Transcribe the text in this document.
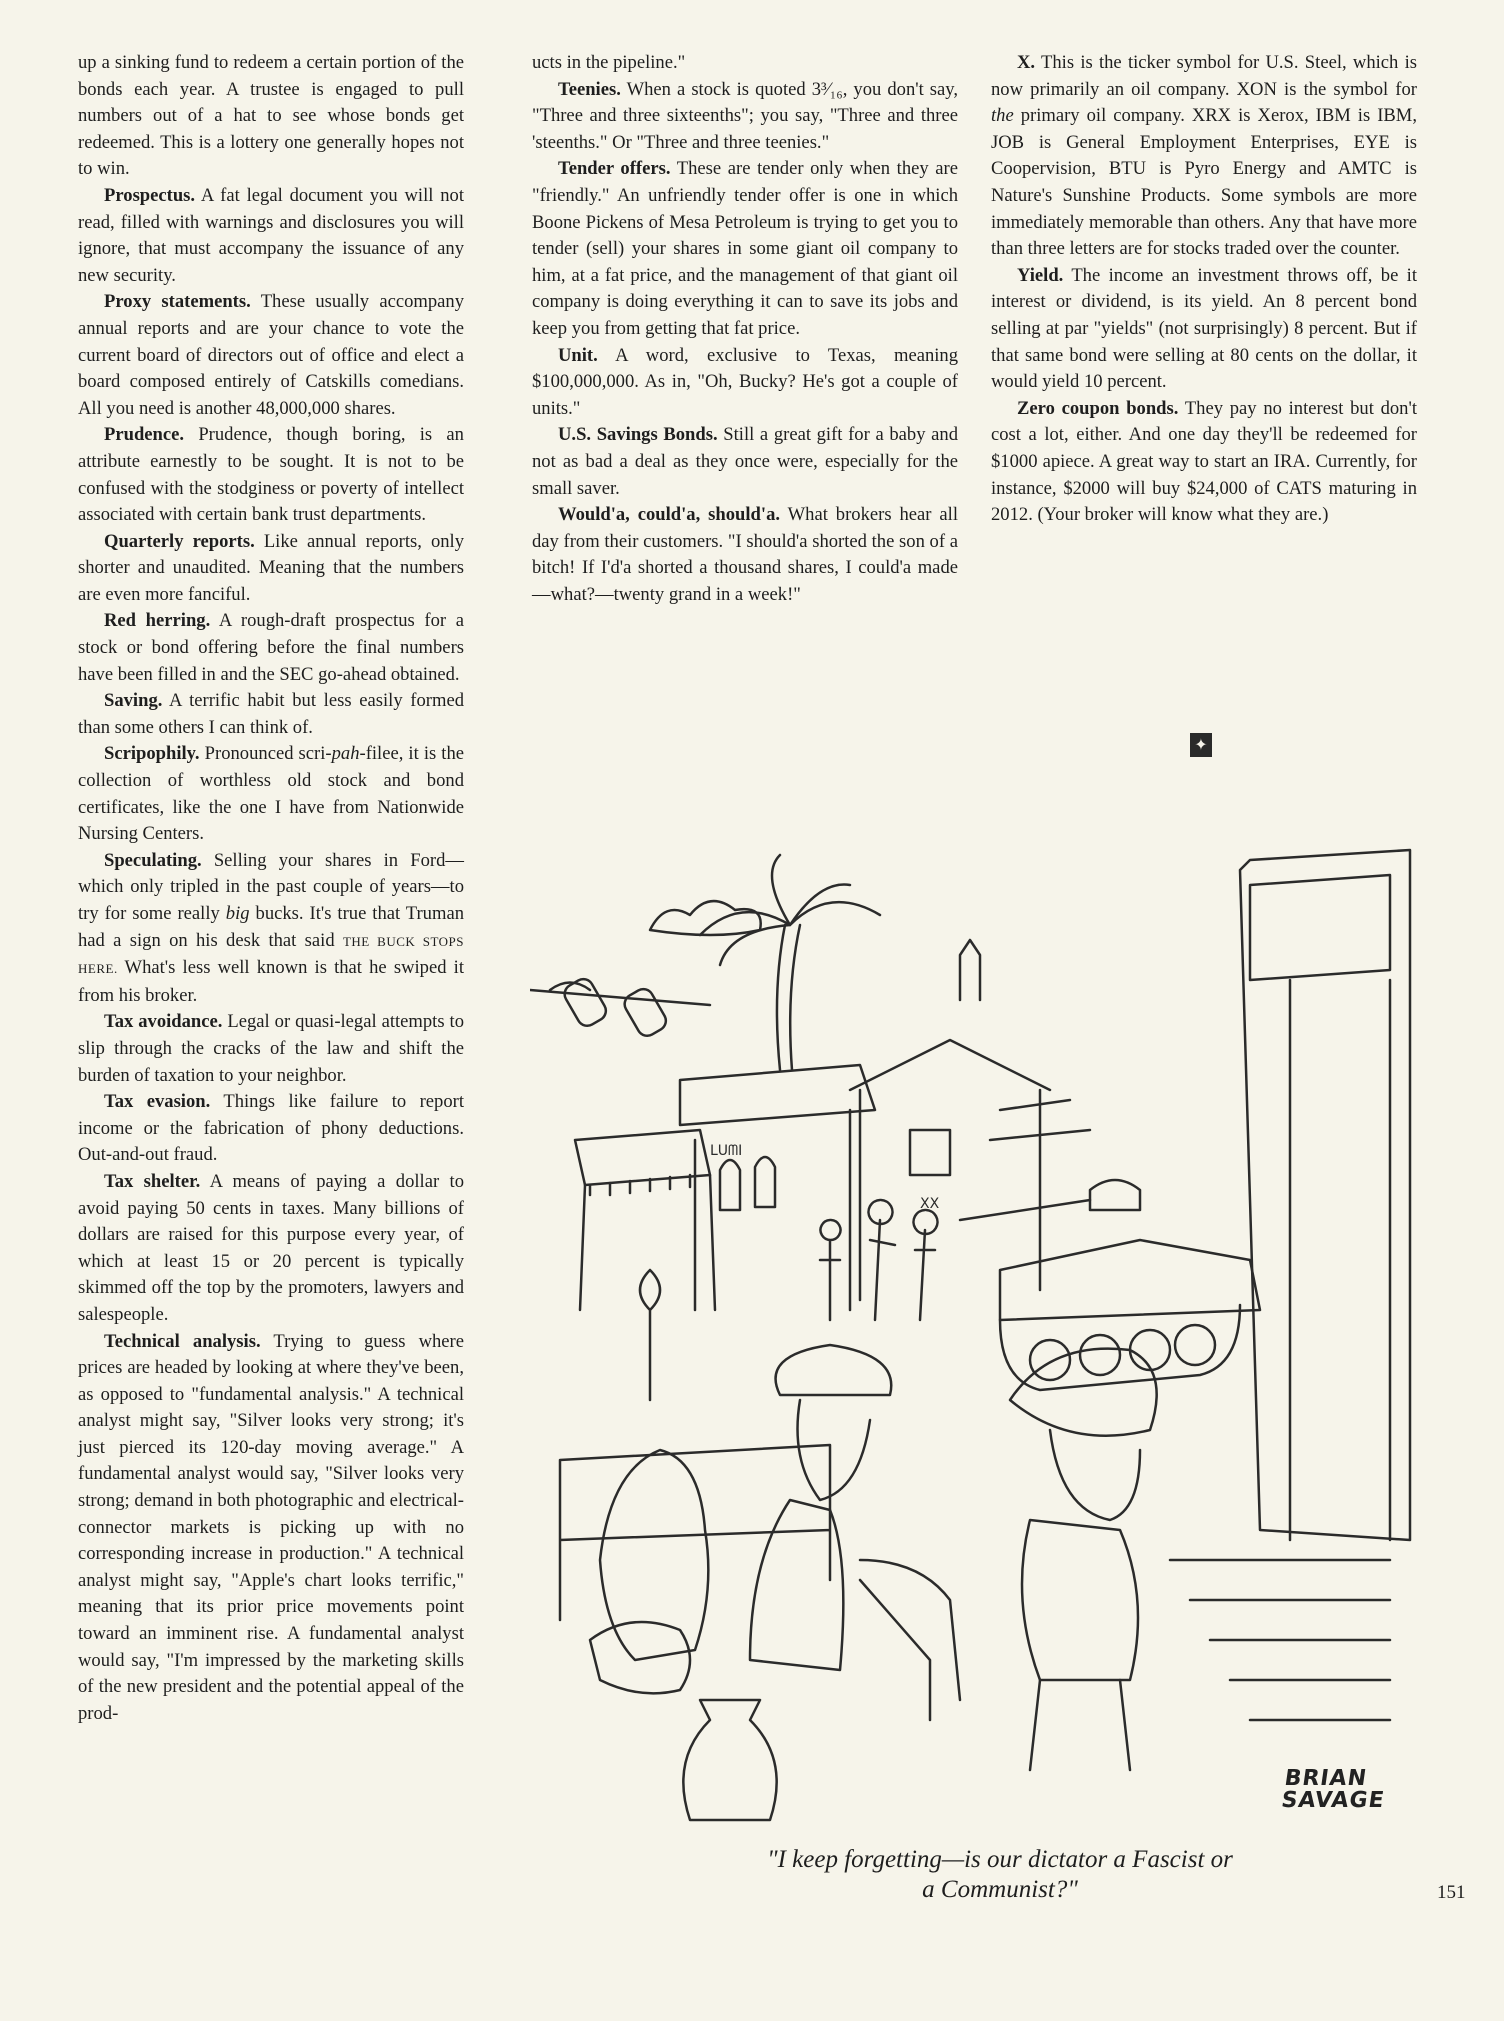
up a sinking fund to redeem a certain portion of the bonds each year. A trustee is engaged to pull numbers out of a hat to see whose bonds get redeemed. This is a lottery one generally hopes not to win.

Prospectus. A fat legal document you will not read, filled with warnings and disclosures you will ignore, that must accompany the issuance of any new security.

Proxy statements. These usually accompany annual reports and are your chance to vote the current board of directors out of office and elect a board composed entirely of Catskills comedians. All you need is another 48,000,000 shares.

Prudence. Prudence, though boring, is an attribute earnestly to be sought. It is not to be confused with the stodginess or poverty of intellect associated with certain bank trust departments.

Quarterly reports. Like annual reports, only shorter and unaudited. Meaning that the numbers are even more fanciful.

Red herring. A rough-draft prospectus for a stock or bond offering before the final numbers have been filled in and the SEC go-ahead obtained.

Saving. A terrific habit but less easily formed than some others I can think of.

Scripophily. Pronounced scri-pah-filee, it is the collection of worthless old stock and bond certificates, like the one I have from Nationwide Nursing Centers.

Speculating. Selling your shares in Ford—which only tripled in the past couple of years—to try for some really big bucks. It's true that Truman had a sign on his desk that said THE BUCK STOPS HERE. What's less well known is that he swiped it from his broker.

Tax avoidance. Legal or quasi-legal attempts to slip through the cracks of the law and shift the burden of taxation to your neighbor.

Tax evasion. Things like failure to report income or the fabrication of phony deductions. Out-and-out fraud.

Tax shelter. A means of paying a dollar to avoid paying 50 cents in taxes. Many billions of dollars are raised for this purpose every year, of which at least 15 or 20 percent is typically skimmed off the top by the promoters, lawyers and salespeople.

Technical analysis. Trying to guess where prices are headed by looking at where they've been, as opposed to "fundamental analysis." A technical analyst might say, "Silver looks very strong; it's just pierced its 120-day moving average." A fundamental analyst would say, "Silver looks very strong; demand in both photographic and electrical-connector markets is picking up with no corresponding increase in production." A technical analyst might say, "Apple's chart looks terrific," meaning that its prior price movements point toward an imminent rise. A fundamental analyst would say, "I'm impressed by the marketing skills of the new president and the potential appeal of the prod-

ucts in the pipeline."

Teenies. When a stock is quoted 3³⁄₁₆, you don't say, "Three and three sixteenths"; you say, "Three and three 'steenths." Or "Three and three teenies."

Tender offers. These are tender only when they are "friendly." An unfriendly tender offer is one in which Boone Pickens of Mesa Petroleum is trying to get you to tender (sell) your shares in some giant oil company to him, at a fat price, and the management of that giant oil company is doing everything it can to save its jobs and keep you from getting that fat price.

Unit. A word, exclusive to Texas, meaning $100,000,000. As in, "Oh, Bucky? He's got a couple of units."

U.S. Savings Bonds. Still a great gift for a baby and not as bad a deal as they once were, especially for the small saver.

Would'a, could'a, should'a. What brokers hear all day from their customers. "I should'a shorted the son of a bitch! If I'd'a shorted a thousand shares, I could'a made—what?—twenty grand in a week!"

X. This is the ticker symbol for U.S. Steel, which is now primarily an oil company. XON is the symbol for the primary oil company. XRX is Xerox, IBM is IBM, JOB is General Employment Enterprises, EYE is Coopervision, BTU is Pyro Energy and AMTC is Nature's Sunshine Products. Some symbols are more immediately memorable than others. Any that have more than three letters are for stocks traded over the counter.

Yield. The income an investment throws off, be it interest or dividend, is its yield. An 8 percent bond selling at par "yields" (not surprisingly) 8 percent. But if that same bond were selling at 80 cents on the dollar, it would yield 10 percent.

Zero coupon bonds. They pay no interest but don't cost a lot, either. And one day they'll be redeemed for $1000 apiece. A great way to start an IRA. Currently, for instance, $2000 will buy $24,000 of CATS maturing in 2012. (Your broker will know what they are.)

✦
ᒪᑌᗰI
XX
BRIAN
SAVAGE
"I keep forgetting—is our dictator a Fascist or
a Communist?"	151
